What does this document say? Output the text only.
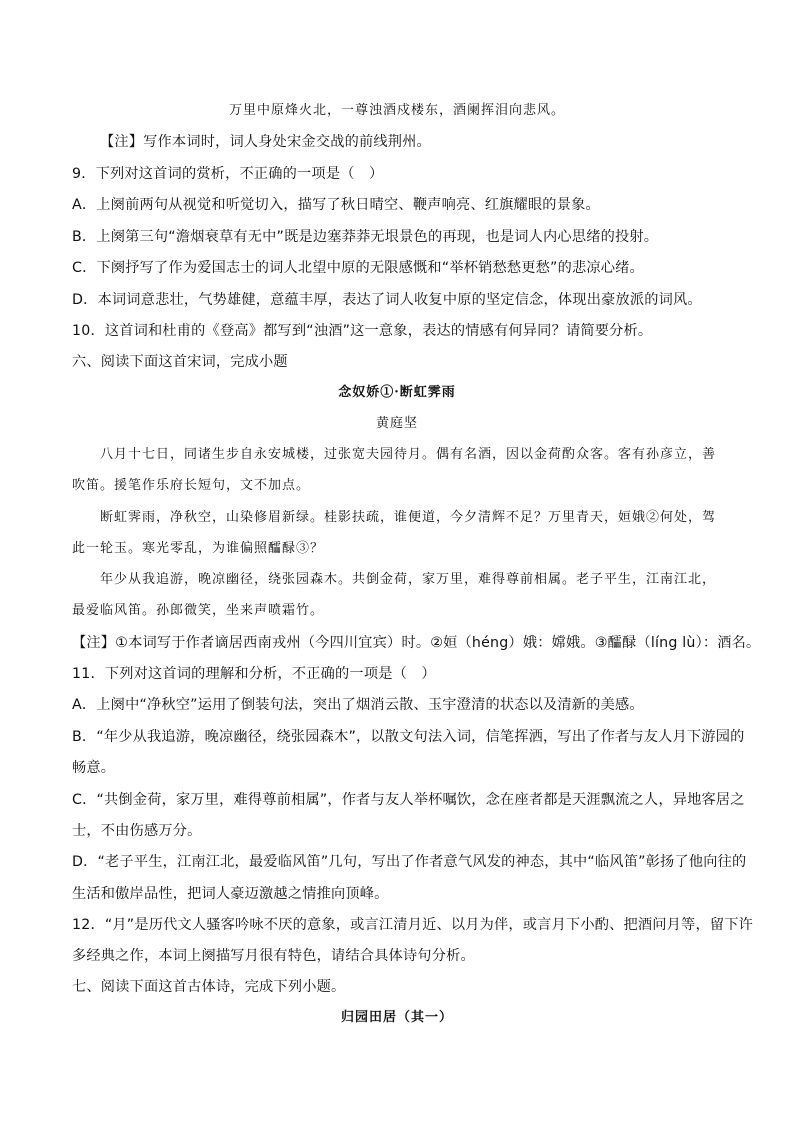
万里中原烽火北，一尊浊酒戍楼东，酒阑挥泪向悲风。
【注】写作本词时，词人身处宋金交战的前线荆州。
9．下列对这首词的赏析，不正确的一项是（　）
A．上阕前两句从视觉和听觉切入，描写了秋日晴空、鞭声响亮、红旗耀眼的景象。
B．上阕第三句“澹烟衰草有无中”既是边塞莽莽无垠景色的再现，也是词人内心思绪的投射。
C．下阕抒写了作为爱国志士的词人北望中原的无限感慨和“举杯销愁愁更愁”的悲凉心绪。
D．本词词意悲壮，气势雄健，意蕴丰厚，表达了词人收复中原的坚定信念，体现出豪放派的词风。
10．这首词和杜甫的《登高》都写到“浊酒”这一意象，表达的情感有何异同？请简要分析。
六、阅读下面这首宋词，完成小题
念奴娇①·断虹霁雨
黄庭坚
八月十七日，同诸生步自永安城楼，过张宽夫园待月。偶有名酒，因以金荷酌众客。客有孙彦立，善
吹笛。援笔作乐府长短句，文不加点。
断虹霁雨，净秋空，山染修眉新绿。桂影扶疏，谁便道，今夕清辉不足？万里青天，姮娥②何处，驾
此一轮玉。寒光零乱，为谁偏照醽醁③？
年少从我追游，晚凉幽径，绕张园森木。共倒金荷，家万里，难得尊前相属。老子平生，江南江北，
最爱临风笛。孙郎微笑，坐来声喷霜竹。
【注】①本词写于作者谪居西南戎州（今四川宜宾）时。②姮（héng）娥：嫦娥。③醽醁（líng lù）：酒名。
11．下列对这首词的理解和分析，不正确的一项是（　）
A．上阕中“净秋空”运用了倒装句法，突出了烟消云散、玉宇澄清的状态以及清新的美感。
B．“年少从我追游，晚凉幽径，绕张园森木”，以散文句法入词，信笔挥洒，写出了作者与友人月下游园的
畅意。
C．“共倒金荷，家万里，难得尊前相属”，作者与友人举杯嘱饮，念在座者都是天涯飘流之人，异地客居之
士，不由伤感万分。
D．“老子平生，江南江北，最爱临风笛”几句，写出了作者意气风发的神态，其中“临风笛”彰扬了他向往的
生活和傲岸品性，把词人豪迈激越之情推向顶峰。
12．“月”是历代文人骚客吟咏不厌的意象，或言江清月近、以月为伴，或言月下小酌、把酒问月等，留下许
多经典之作，本词上阕描写月很有特色，请结合具体诗句分析。
七、阅读下面这首古体诗，完成下列小题。
归园田居（其一）
